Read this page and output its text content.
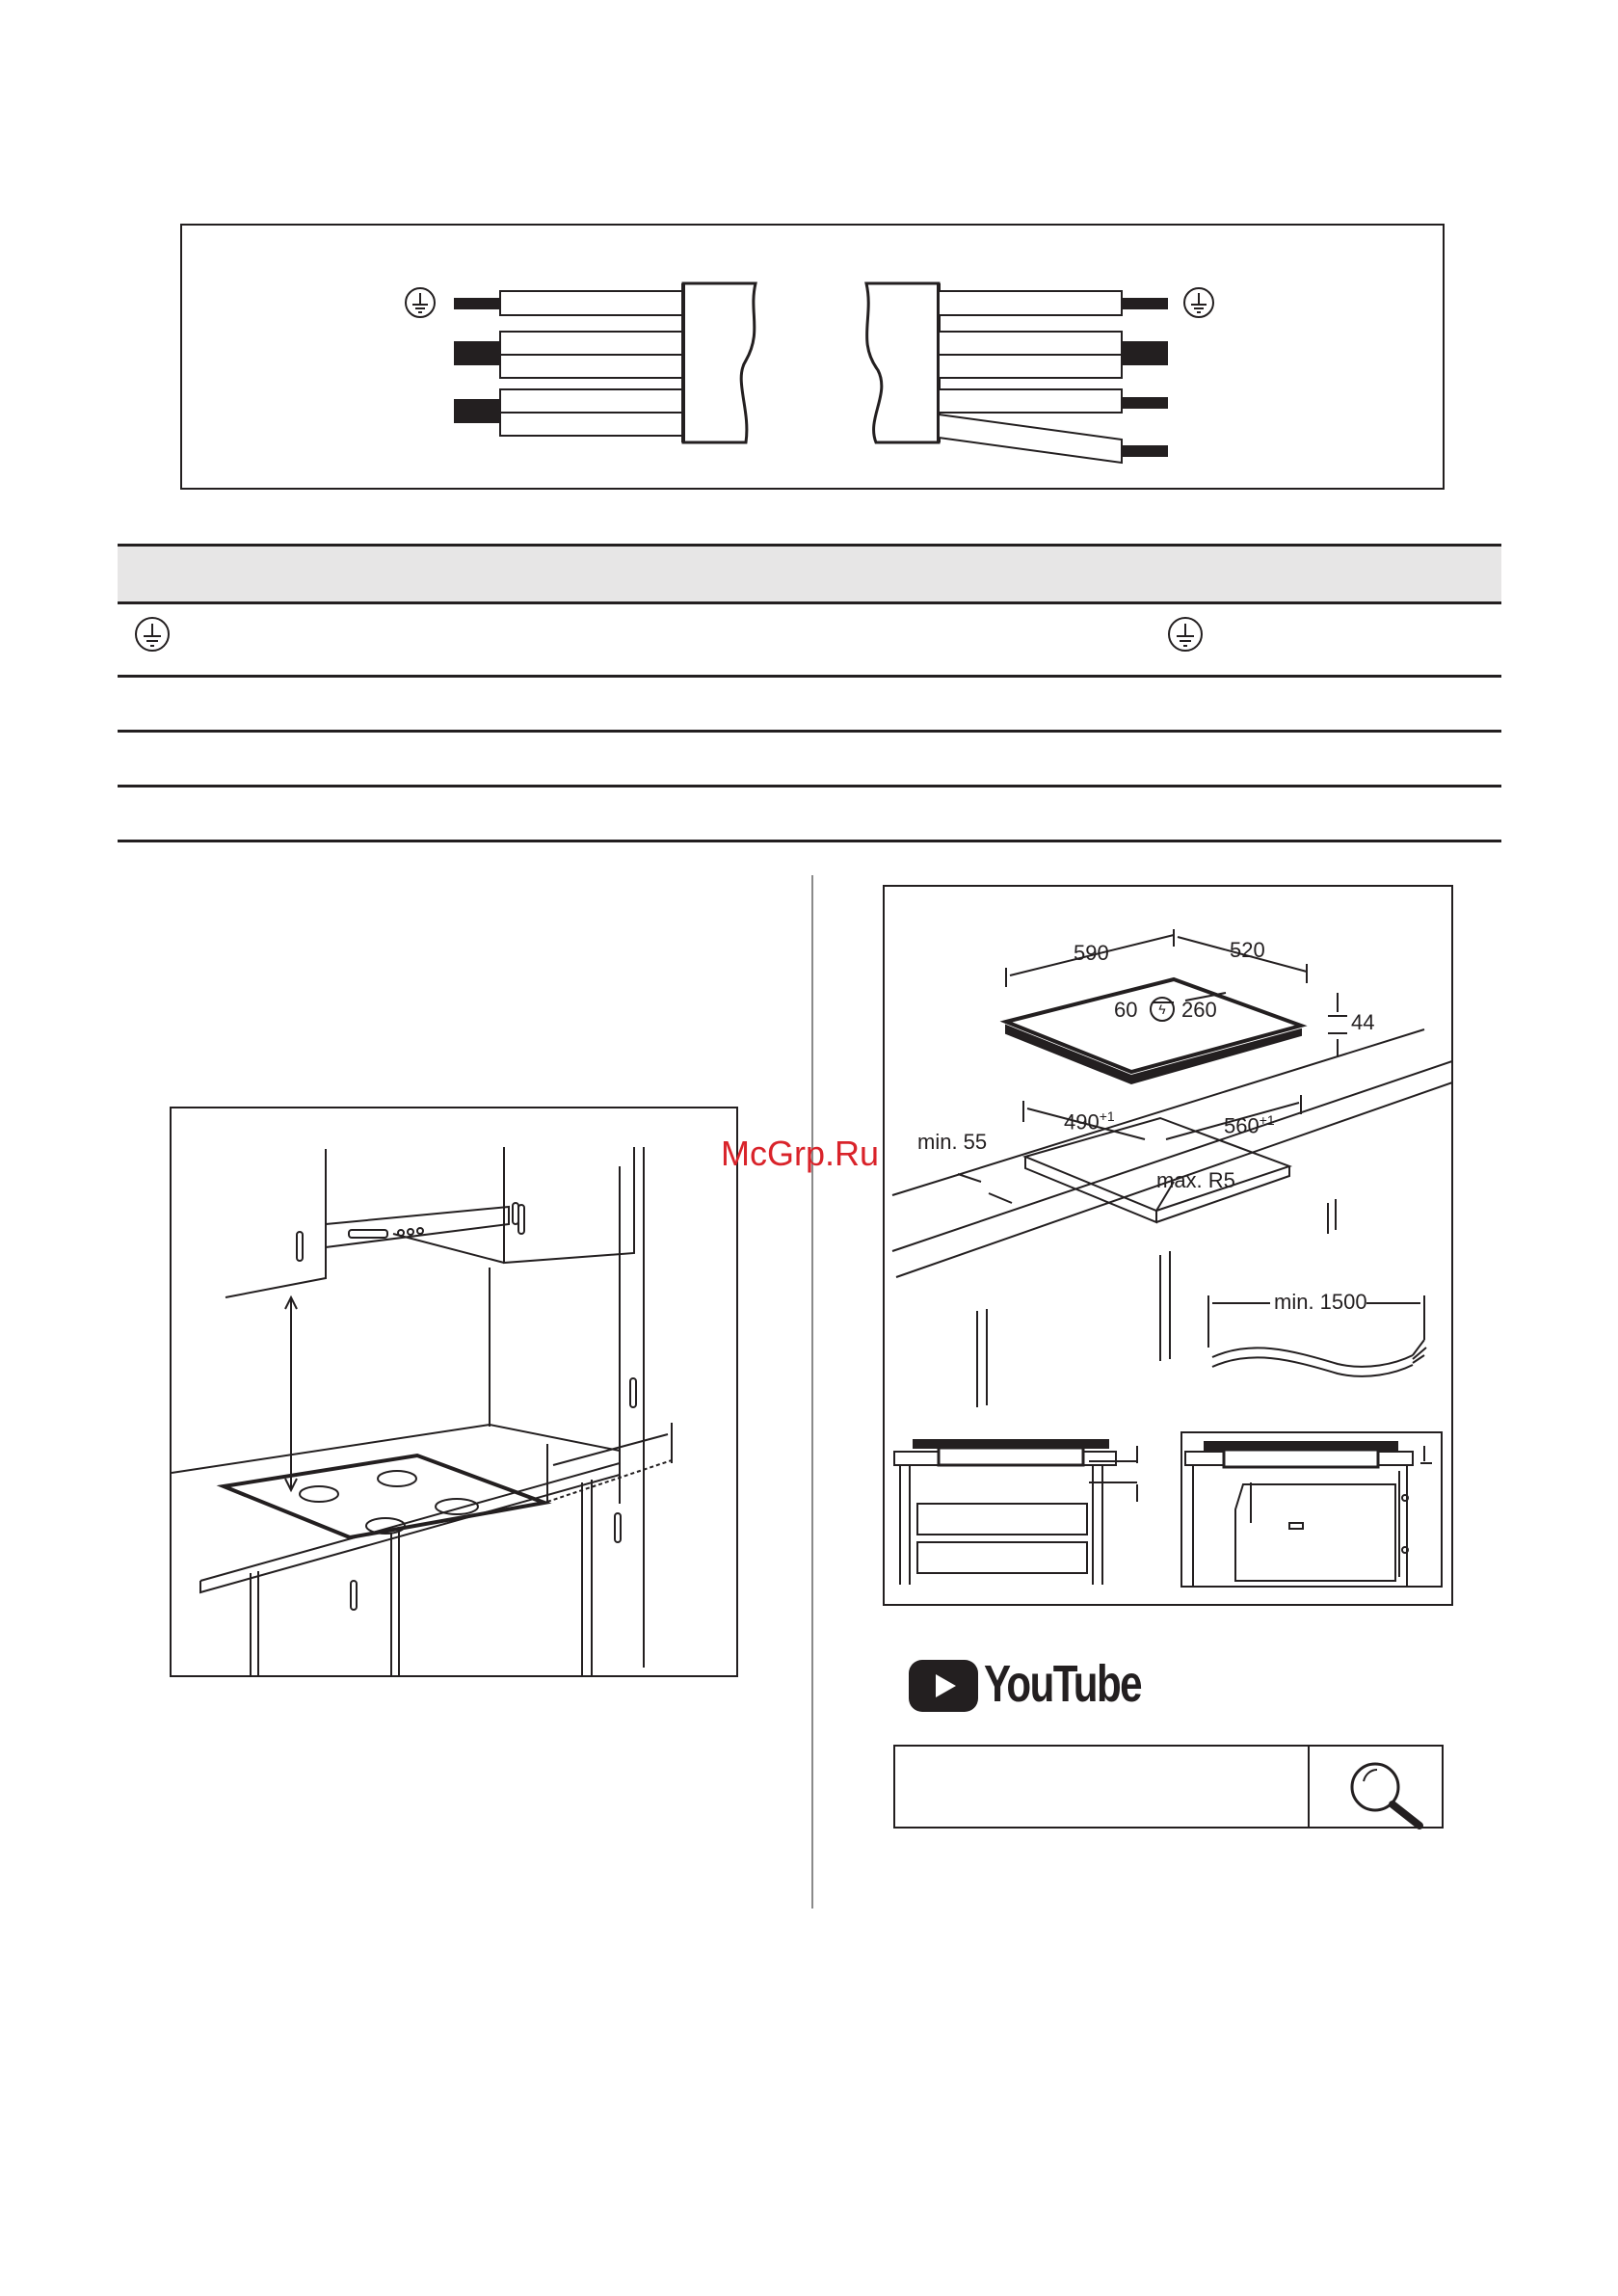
590	520
60	ϟ 260
44
$490^{+1}$	$560^{+1}$
min. 55
max. R5
min. 1500
McGrp.Ru
YouTube
